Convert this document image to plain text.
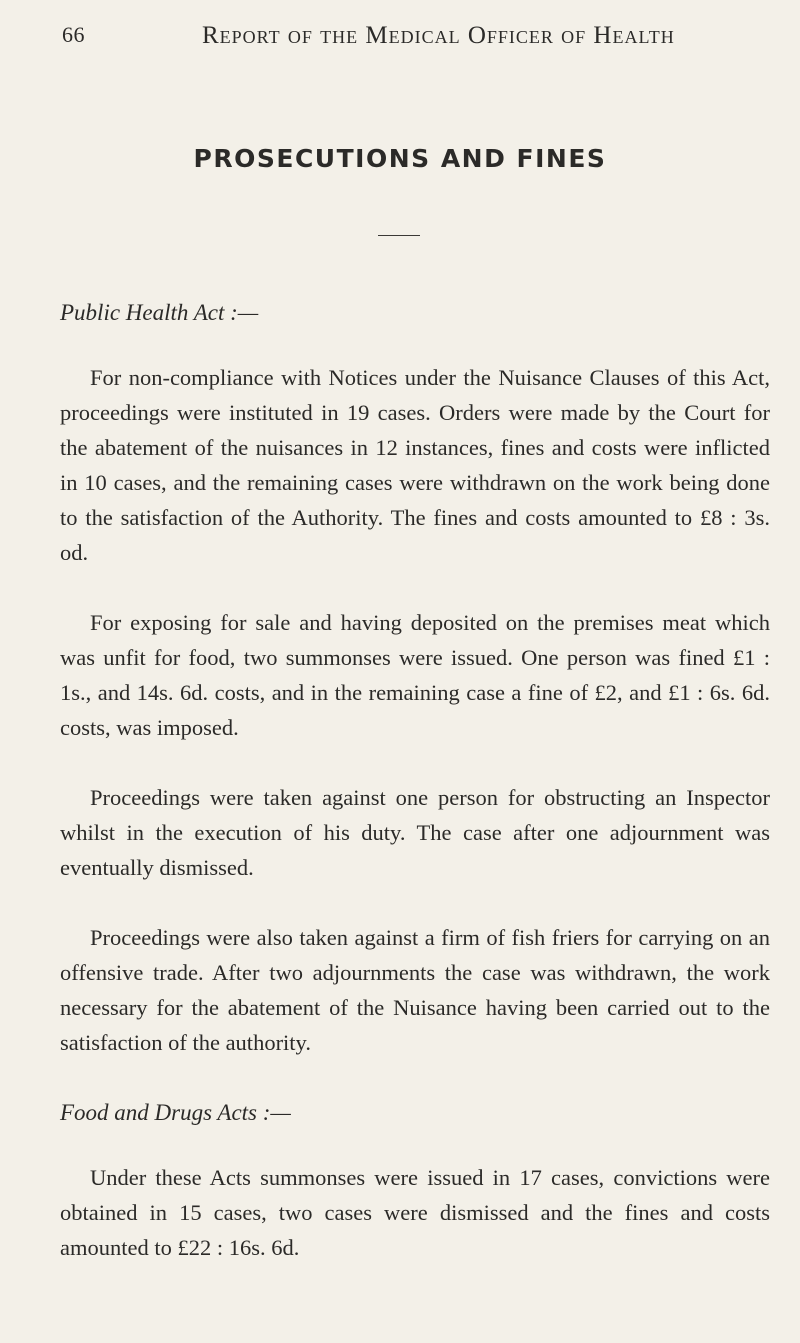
66	Report of the Medical Officer of Health
PROSECUTIONS AND FINES
Public Health Act :—

For non-compliance with Notices under the Nuisance Clauses of this Act, proceedings were instituted in 19 cases. Orders were made by the Court for the abatement of the nuisances in 12 instances, fines and costs were inflicted in 10 cases, and the remaining cases were withdrawn on the work being done to the satisfaction of the Authority. The fines and costs amounted to £8 : 3s. od.

For exposing for sale and having deposited on the premises meat which was unfit for food, two summonses were issued. One person was fined £1 : 1s., and 14s. 6d. costs, and in the remaining case a fine of £2, and £1 : 6s. 6d. costs, was imposed.

Proceedings were taken against one person for obstructing an Inspector whilst in the execution of his duty. The case after one adjournment was eventually dismissed.

Proceedings were also taken against a firm of fish friers for carrying on an offensive trade. After two adjournments the case was withdrawn, the work necessary for the abatement of the Nuisance having been carried out to the satisfaction of the authority.

Food and Drugs Acts :—

Under these Acts summonses were issued in 17 cases, convictions were obtained in 15 cases, two cases were dismissed and the fines and costs amounted to £22 : 16s. 6d.
